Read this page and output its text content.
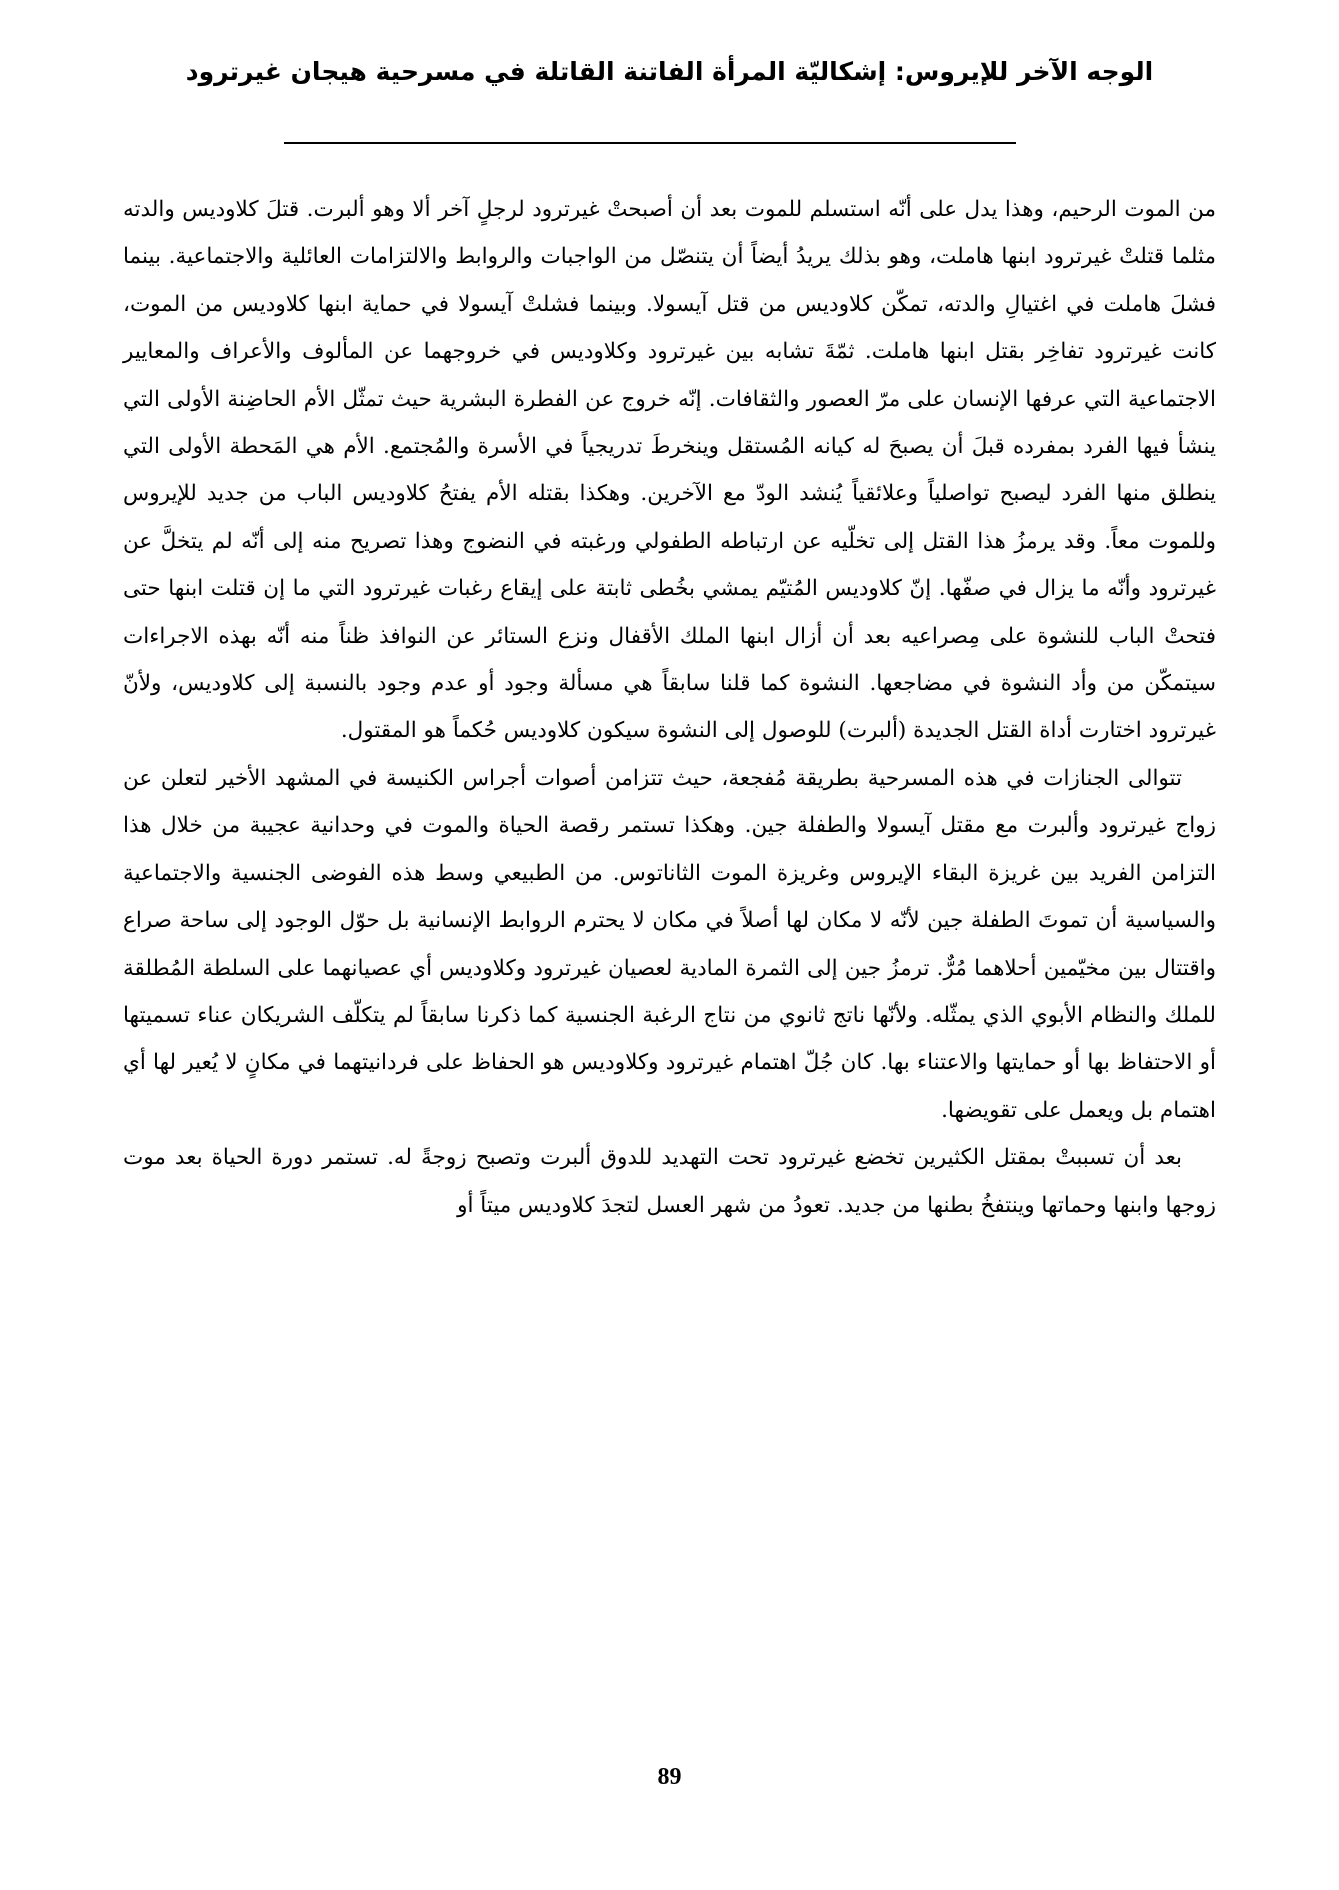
الوجه الآخر للإيروس: إشكاليّة المرأة الفاتنة القاتلة في مسرحية هيجان غيرترود

من الموت الرحيم، وهذا يدل على أنّه استسلم للموت بعد أن أصبحتْ غيرترود لرجلٍ آخر ألا وهو ألبرت. قتلَ كلاوديس والدته مثلما قتلتْ غيرترود ابنها هاملت، وهو بذلك يريدُ أيضاً أن يتنصّل من الواجبات والروابط والالتزامات العائلية والاجتماعية. بينما فشلَ هاملت في اغتيالِ والدته، تمكّن كلاوديس من قتل آيسولا. وبينما فشلتْ آيسولا في حماية ابنها كلاوديس من الموت، كانت غيرترود تفاخِر بقتل ابنها هاملت. ثمّةَ تشابه بين غيرترود وكلاوديس في خروجهما عن المألوف والأعراف والمعايير الاجتماعية التي عرفها الإنسان على مرّ العصور والثقافات. إنّه خروج عن الفطرة البشرية حيث تمثّل الأم الحاضِنة الأولى التي ينشأ فيها الفرد بمفرده قبلَ أن يصبحَ له كيانه المُستقل وينخرطَ تدريجياً في الأسرة والمُجتمع. الأم هي المَحطة الأولى التي ينطلق منها الفرد ليصبح تواصلياً وعلائقياً يُنشد الودّ مع الآخرين. وهكذا بقتله الأم يفتحُ كلاوديس الباب من جديد للإيروس وللموت معاً. وقد يرمزُ هذا القتل إلى تخلّيه عن ارتباطه الطفولي ورغبته في النضوج وهذا تصريح منه إلى أنّه لم يتخلَّ عن غيرترود وأنّه ما يزال في صفّها. إنّ كلاوديس المُتيّم يمشي بخُطى ثابتة على إيقاع رغبات غيرترود التي ما إن قتلت ابنها حتى فتحتْ الباب للنشوة على مِصراعيه بعد أن أزال ابنها الملك الأقفال ونزع الستائر عن النوافذ ظناً منه أنّه بهذه الاجراءات سيتمكّن من وأد النشوة في مضاجعها. النشوة كما قلنا سابقاً هي مسألة وجود أو عدم وجود بالنسبة إلى كلاوديس، ولأنّ غيرترود اختارت أداة القتل الجديدة (ألبرت) للوصول إلى النشوة سيكون كلاوديس حُكماً هو المقتول.

تتوالى الجنازات في هذه المسرحية بطريقة مُفجعة، حيث تتزامن أصوات أجراس الكنيسة في المشهد الأخير لتعلن عن زواج غيرترود وألبرت مع مقتل آيسولا والطفلة جين. وهكذا تستمر رقصة الحياة والموت في وحدانية عجيبة من خلال هذا التزامن الفريد بين غريزة البقاء الإيروس وغريزة الموت الثاناتوس. من الطبيعي وسط هذه الفوضى الجنسية والاجتماعية والسياسية أن تموتَ الطفلة جين لأنّه لا مكان لها أصلاً في مكان لا يحترم الروابط الإنسانية بل حوّل الوجود إلى ساحة صراع واقتتال بين مخيّمين أحلاهما مُرٌّ. ترمزُ جين إلى الثمرة المادية لعصيان غيرترود وكلاوديس أي عصيانهما على السلطة المُطلقة للملك والنظام الأبوي الذي يمثّله. ولأنّها ناتج ثانوي من نتاج الرغبة الجنسية كما ذكرنا سابقاً لم يتكلّف الشريكان عناء تسميتها أو الاحتفاظ بها أو حمايتها والاعتناء بها. كان جُلّ اهتمام غيرترود وكلاوديس هو الحفاظ على فردانيتهما في مكانٍ لا يُعير لها أي اهتمام بل ويعمل على تقويضها.

بعد أن تسببتْ بمقتل الكثيرين تخضع غيرترود تحت التهديد للدوق ألبرت وتصبح زوجةً له. تستمر دورة الحياة بعد موت زوجها وابنها وحماتها وينتفخُ بطنها من جديد. تعودُ من شهر العسل لتجدَ كلاوديس ميتاً أو

89
